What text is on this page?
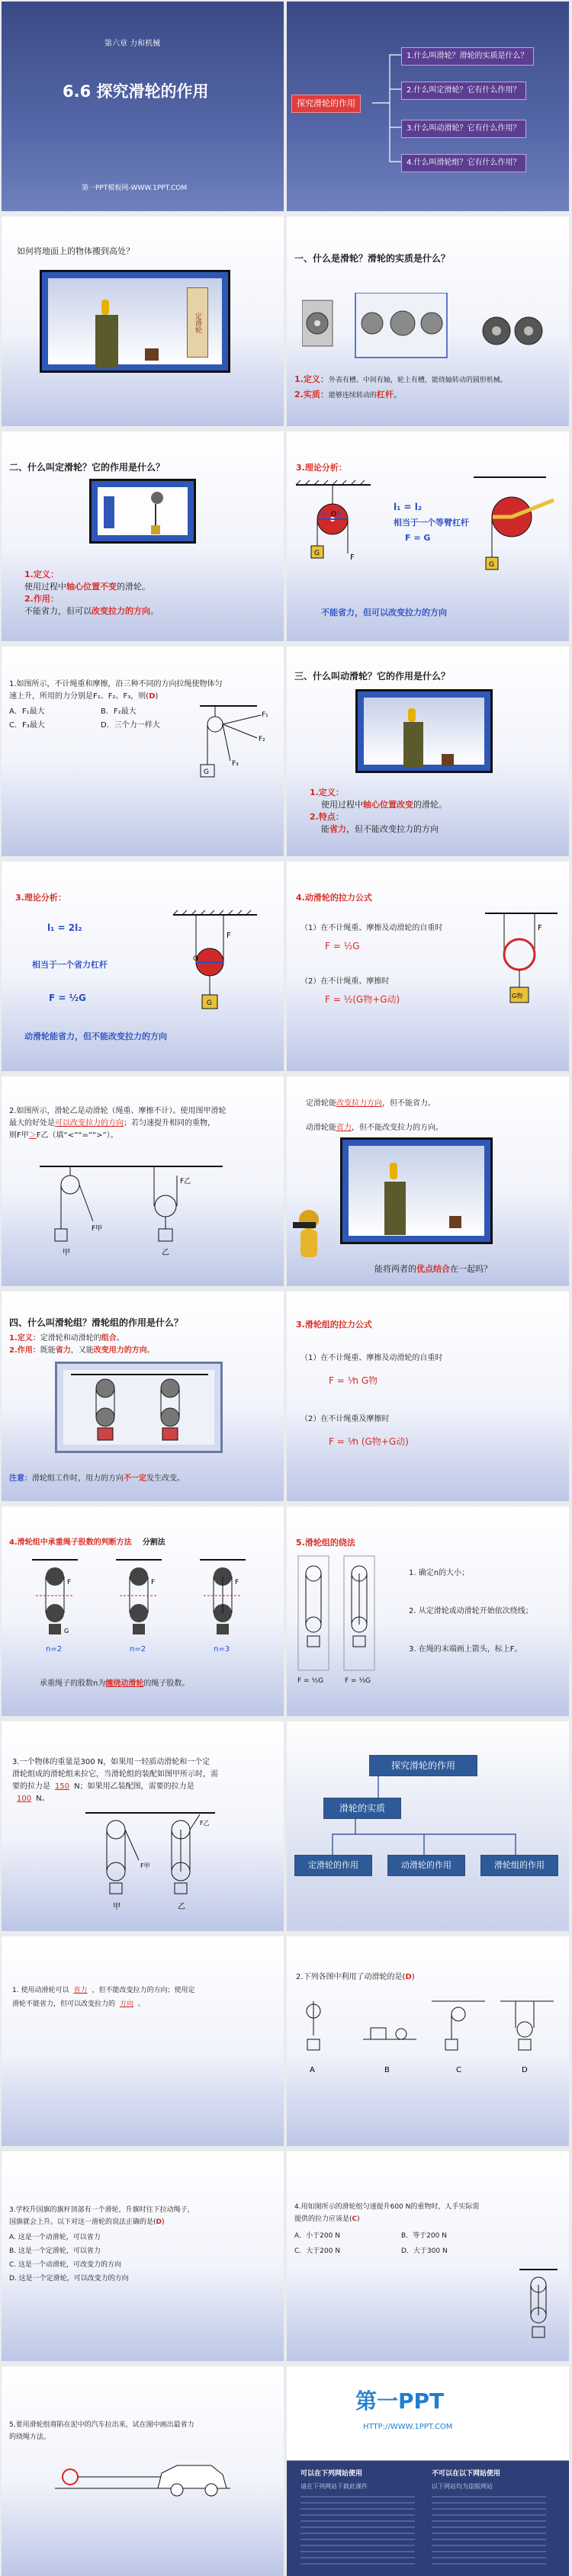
第六章 力和机械
6.6 探究滑轮的作用
第一PPT模板网-WWW.1PPT.COM
探究滑轮的作用
1.什么叫滑轮？滑轮的实质是什么？
2.什么叫定滑轮？它有什么作用？
3.什么叫动滑轮？它有什么作用？
4.什么叫滑轮组？它有什么作用？
如何将地面上的物体搬到高处？
定滑轮
一、什么是滑轮？滑轮的实质是什么？
1.定义：外表有槽、中间有轴，轮上有槽，能绕轴转动的圆形机械。
2.实质：能够连续转动的杠杆。
二、什么叫定滑轮？它的作用是什么？
1.定义：
使用过程中轴心位置不变的滑轮。
2.作用：
不能省力，但可以改变拉力的方向。
3.理论分析：
O
l₂ l₁
F
G
G
l₁ = l₂
相当于一个等臂杠杆
F = G
不能省力，但可以改变拉力的方向
1.如图所示，不计绳重和摩擦，沿三种不同的方向拉绳使物体匀
速上升，所用的力分别是F₁、F₂、F₃，则(D)
A．F₁最大	B．F₂最大
C．F₃最大	D．三个力一样大
G
F₁
F₂
F₃
三、什么叫动滑轮？它的作用是什么？
1.定义：
使用过程中轴心位置改变的滑轮。
2.特点：
能省力，但不能改变拉力的方向
3.理论分析：
l₁ = 2l₂
相当于一个省力杠杆
F = ½G
动滑轮能省力，但不能改变拉力的方向
O
F
G
4.动滑轮的拉力公式
（1）在不计绳重、摩擦及动滑轮的自重时
F = ½G
（2）在不计绳重、摩擦时
F = ½(G物+G动)
F
G物
2.如图所示，滑轮乙是动滑轮（绳重、摩擦不计）。使用图甲滑轮
最大的好处是可以改变拉力的方向；若匀速提升相同的重物，
则F甲＞F乙（填“<”“=”“>”）。
F甲
甲
F乙
乙
定滑轮能改变拉力方向，但不能省力。
动滑轮能省力，但不能改变拉力的方向。
能将两者的优点结合在一起吗？
四、什么叫滑轮组？滑轮组的作用是什么？
1.定义：定滑轮和动滑轮的组合。
2.作用：既能省力，又能改变用力的方向。
注意：滑轮组工作时，用力的方向不一定发生改变。
3.滑轮组的拉力公式
（1）在不计绳重、摩擦及动滑轮的自重时
F = ⅟n G物
（2）在不计绳重及摩擦时
F = ⅟n (G物+G动)
4.滑轮组中承重绳子股数的判断方法 分割法
F
G
n=2
F
n=2
F
n=3
承重绳子的股数n为缠绕动滑轮的绳子股数。
5.滑轮组的绕法
F = ½G	F = ⅓G
1. 确定n的大小；
2. 从定滑轮或动滑轮开始依次绕线；
3. 在绳的末端画上箭头，标上F。
3.一个物体的重量是300 N，如果用一轻质动滑轮和一个定
滑轮组成的滑轮组来拉它，当滑轮组的装配如图甲所示时，需
要的拉力是 150 N；如果用乙装配图，需要的拉力是
100 N。
F甲
甲
F乙
乙
探究滑轮的作用
滑轮的实质
定滑轮的作用	动滑轮的作用	滑轮组的作用
1. 使用动滑轮可以 省力 ，但不能改变拉力的方向；使用定
滑轮不能省力，但可以改变拉力的 方向 。
2.下列各图中利用了动滑轮的是(D)
A	B	C	D
3.学校升国旗的旗杆顶部有一个滑轮，升旗时往下拉动绳子，
国旗就会上升。以下对这一滑轮的说法正确的是(D)
A. 这是一个动滑轮，可以省力
B. 这是一个定滑轮，可以省力
C. 这是一个动滑轮，可改变力的方向
D. 这是一个定滑轮，可以改变力的方向
4.用如图所示的滑轮组匀速提升600 N的重物时，人手实际需
提供的拉力应该是(C)
A．小于200 N	B．等于200 N
C．大于200 N	D．大于300 N
5.要用滑轮组将陷在泥中的汽车拉出来，试在图中画出最省力
的绕绳方法。
第一PPT
HTTP://WWW.1PPT.COM
可以在下列网站使用
请在下列网站下载此课件
不可以在以下网站使用
以下网站均为盗版网站
